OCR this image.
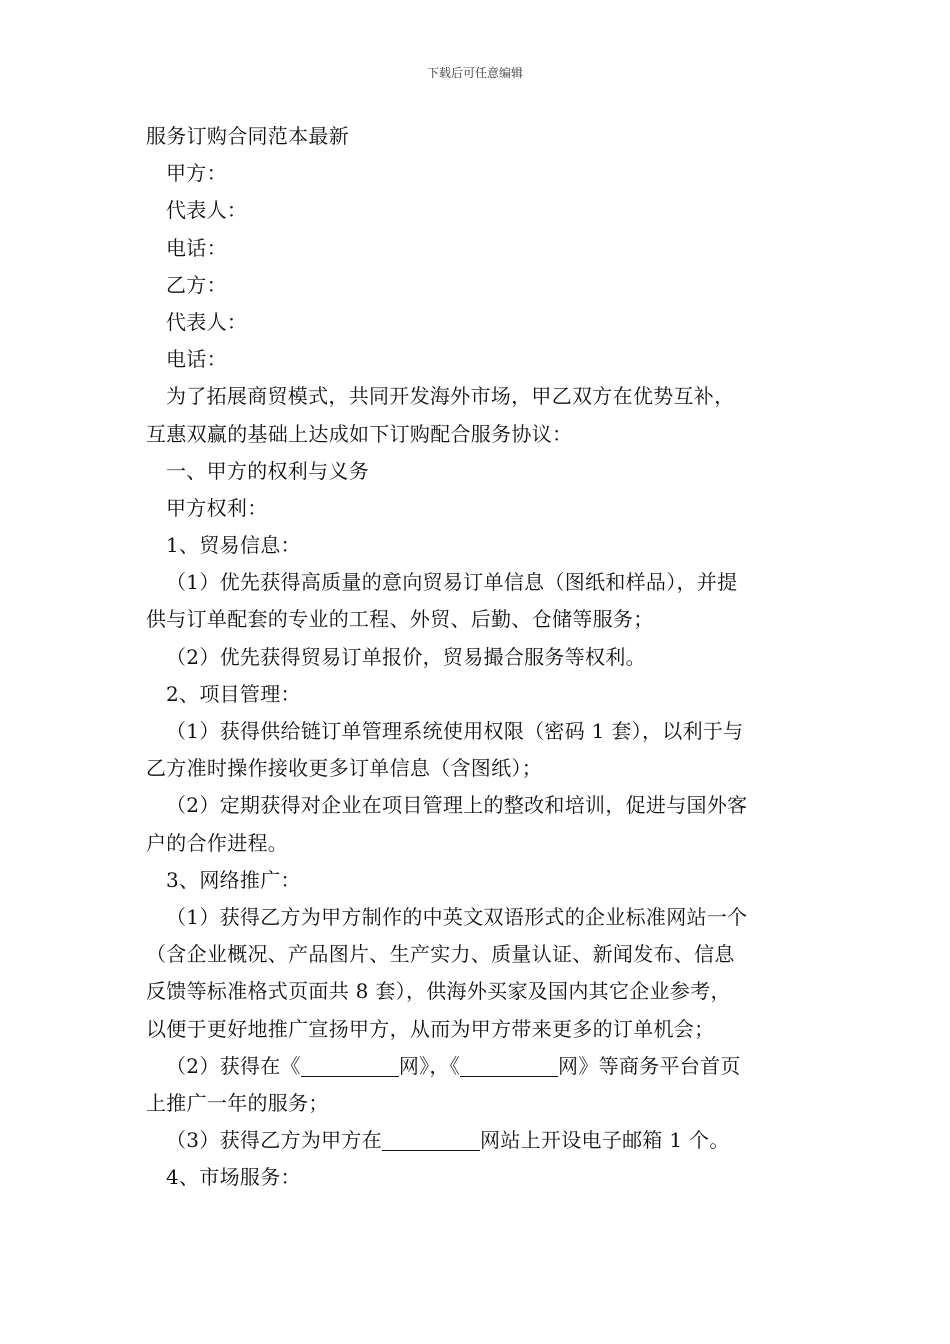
下载后可任意编辑
服务订购合同范本最新
甲方：
代表人：
电话：
乙方：
代表人：
电话：
为了拓展商贸模式，共同开发海外市场，甲乙双方在优势互补，
互惠双赢的基础上达成如下订购配合服务协议：
一、甲方的权利与义务
甲方权利：
1、贸易信息：
（1）优先获得高质量的意向贸易订单信息（图纸和样品），并提
供与订单配套的专业的工程、外贸、后勤、仓储等服务；
（2）优先获得贸易订单报价，贸易撮合服务等权利。
2、项目管理：
（1）获得供给链订单管理系统使用权限（密码 1 套），以利于与
乙方准时操作接收更多订单信息（含图纸）；
（2）定期获得对企业在项目管理上的整改和培训，促进与国外客
户的合作进程。
3、网络推广：
（1）获得乙方为甲方制作的中英文双语形式的企业标准网站一个
（含企业概况、产品图片、生产实力、质量认证、新闻发布、信息
反馈等标准格式页面共 8 套），供海外买家及国内其它企业参考，
以便于更好地推广宣扬甲方，从而为甲方带来更多的订单机会；
（2）获得在《	网》，《	网》等商务平台首页
上推广一年的服务；
（3）获得乙方为甲方在	网站上开设电子邮箱 1 个。
4、市场服务：
